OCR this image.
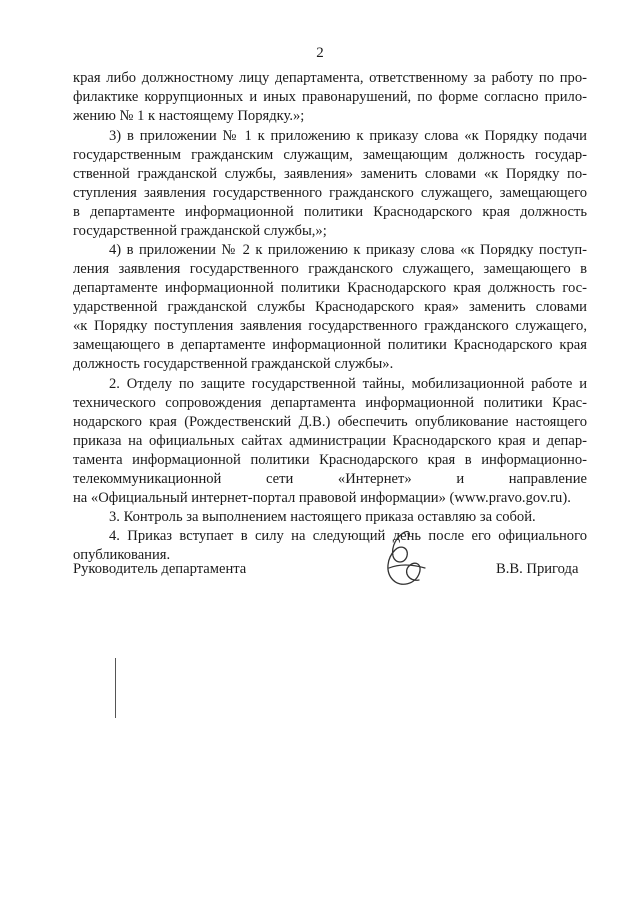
2
края либо должностному лицу департамента, ответственному за работу по про-
филактике коррупционных и иных правонарушений, по форме согласно прило-
жению № 1 к настоящему Порядку.»;
3) в приложении № 1 к приложению к приказу слова «к Порядку подачи
государственным гражданским служащим, замещающим должность государ-
ственной гражданской службы, заявления» заменить словами «к Порядку по-
ступления заявления государственного гражданского служащего, замещающего
в департаменте информационной политики Краснодарского края должность
государственной гражданской службы,»;
4) в приложении № 2 к приложению к приказу слова «к Порядку поступ-
ления заявления государственного гражданского служащего, замещающего в
департаменте информационной политики Краснодарского края должность гос-
ударственной гражданской службы Краснодарского края» заменить словами
«к Порядку поступления заявления государственного гражданского служащего,
замещающего в департаменте информационной политики Краснодарского края
должность государственной гражданской службы».
2. Отделу по защите государственной тайны, мобилизационной работе и
технического сопровождения департамента информационной политики Крас-
нодарского края (Рождественский Д.В.) обеспечить опубликование настоящего
приказа на официальных сайтах администрации Краснодарского края и депар-
тамента информационной политики Краснодарского края в информационно-
телекоммуникационной сети «Интернет» и направление
на «Официальный интернет-портал правовой информации» (www.pravo.gov.ru).
3. Контроль за выполнением настоящего приказа оставляю за собой.
4. Приказ вступает в силу на следующий день после его официального
опубликования.
Руководитель департамента	В.В. Пригода
